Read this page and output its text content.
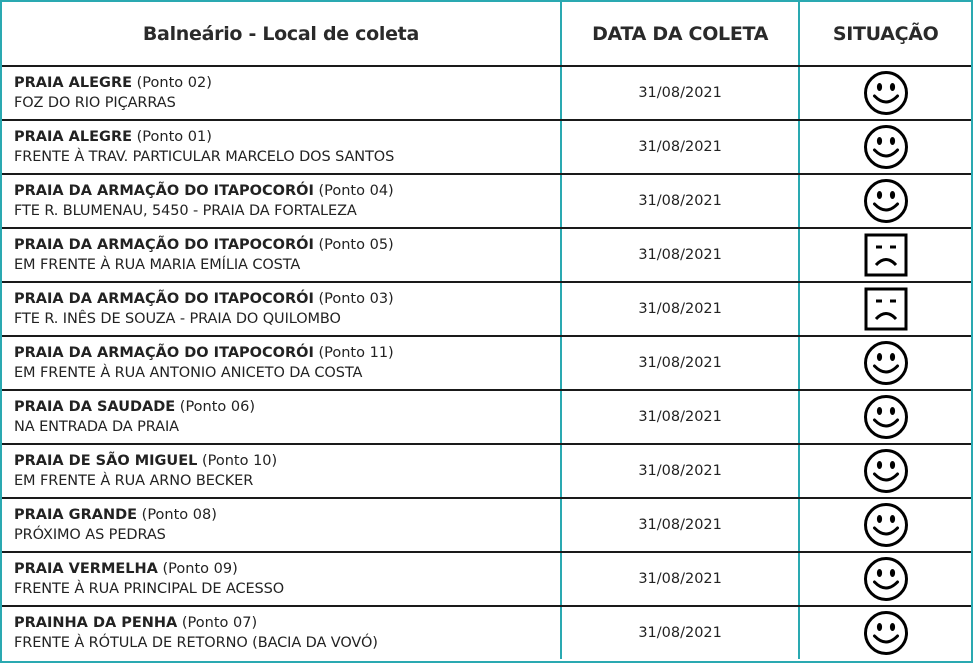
Balneário - Local de coleta	DATA DA COLETA	SITUAÇÃO
PRAIA ALEGRE (Ponto 02)
FOZ DO RIO PIÇARRAS
31/08/2021
PRAIA ALEGRE (Ponto 01)
FRENTE À TRAV. PARTICULAR MARCELO DOS SANTOS
31/08/2021
PRAIA DA ARMAÇÃO DO ITAPOCORÓI (Ponto 04)
FTE R. BLUMENAU, 5450 - PRAIA DA FORTALEZA
31/08/2021
PRAIA DA ARMAÇÃO DO ITAPOCORÓI (Ponto 05)
EM FRENTE À RUA MARIA EMÍLIA COSTA
31/08/2021
PRAIA DA ARMAÇÃO DO ITAPOCORÓI (Ponto 03)
FTE R. INÊS DE SOUZA - PRAIA DO QUILOMBO
31/08/2021
PRAIA DA ARMAÇÃO DO ITAPOCORÓI (Ponto 11)
EM FRENTE À RUA ANTONIO ANICETO DA COSTA
31/08/2021
PRAIA DA SAUDADE (Ponto 06)
NA ENTRADA DA PRAIA
31/08/2021
PRAIA DE SÃO MIGUEL (Ponto 10)
EM FRENTE À RUA ARNO BECKER
31/08/2021
PRAIA GRANDE (Ponto 08)
PRÓXIMO AS PEDRAS
31/08/2021
PRAIA VERMELHA (Ponto 09)
FRENTE À RUA PRINCIPAL DE ACESSO
31/08/2021
PRAINHA DA PENHA (Ponto 07)
FRENTE À RÓTULA DE RETORNO (BACIA DA VOVÓ)
31/08/2021
